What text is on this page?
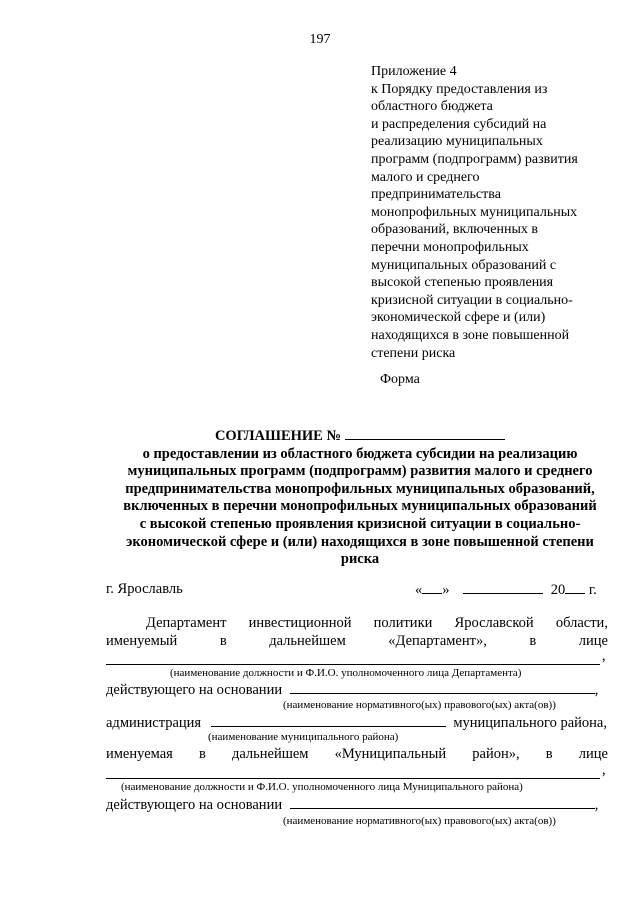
197
Приложение 4
к Порядку предоставления из
областного бюджета
и распределения субсидий на
реализацию муниципальных
программ (подпрограмм) развития
малого и среднего
предпринимательства
монопрофильных муниципальных
образований, включенных в
перечни монопрофильных
муниципальных образований с
высокой степенью проявления
кризисной ситуации в социально-
экономической сфере и (или)
находящихся в зоне повышенной
степени риска
Форма
СОГЛАШЕНИЕ №
о предоставлении из областного бюджета субсидии на реализацию
муниципальных программ (подпрограмм) развития малого и среднего
предпринимательства монопрофильных муниципальных образований,
включенных в перечни монопрофильных муниципальных образований
с высокой степенью проявления кризисной ситуации в социально-
экономической сфере и (или) находящихся в зоне повышенной степени
риска
г. Ярославль	« »	20 г.
Департамент инвестиционной политики Ярославской области,
именуемый	в	дальнейшем	«Департамент»,	в	лице
,
(наименование должности и Ф.И.О. уполномоченного лица Департамента)
действующего на основании	,
(наименование нормативного(ых) правового(ых) акта(ов))
администрация	муниципального района,
(наименование муниципального района)
именуемая в дальнейшем «Муниципальный район», в лице
,
(наименование должности и Ф.И.О. уполномоченного лица Муниципального района)
действующего на основании	,
(наименование нормативного(ых) правового(ых) акта(ов))
